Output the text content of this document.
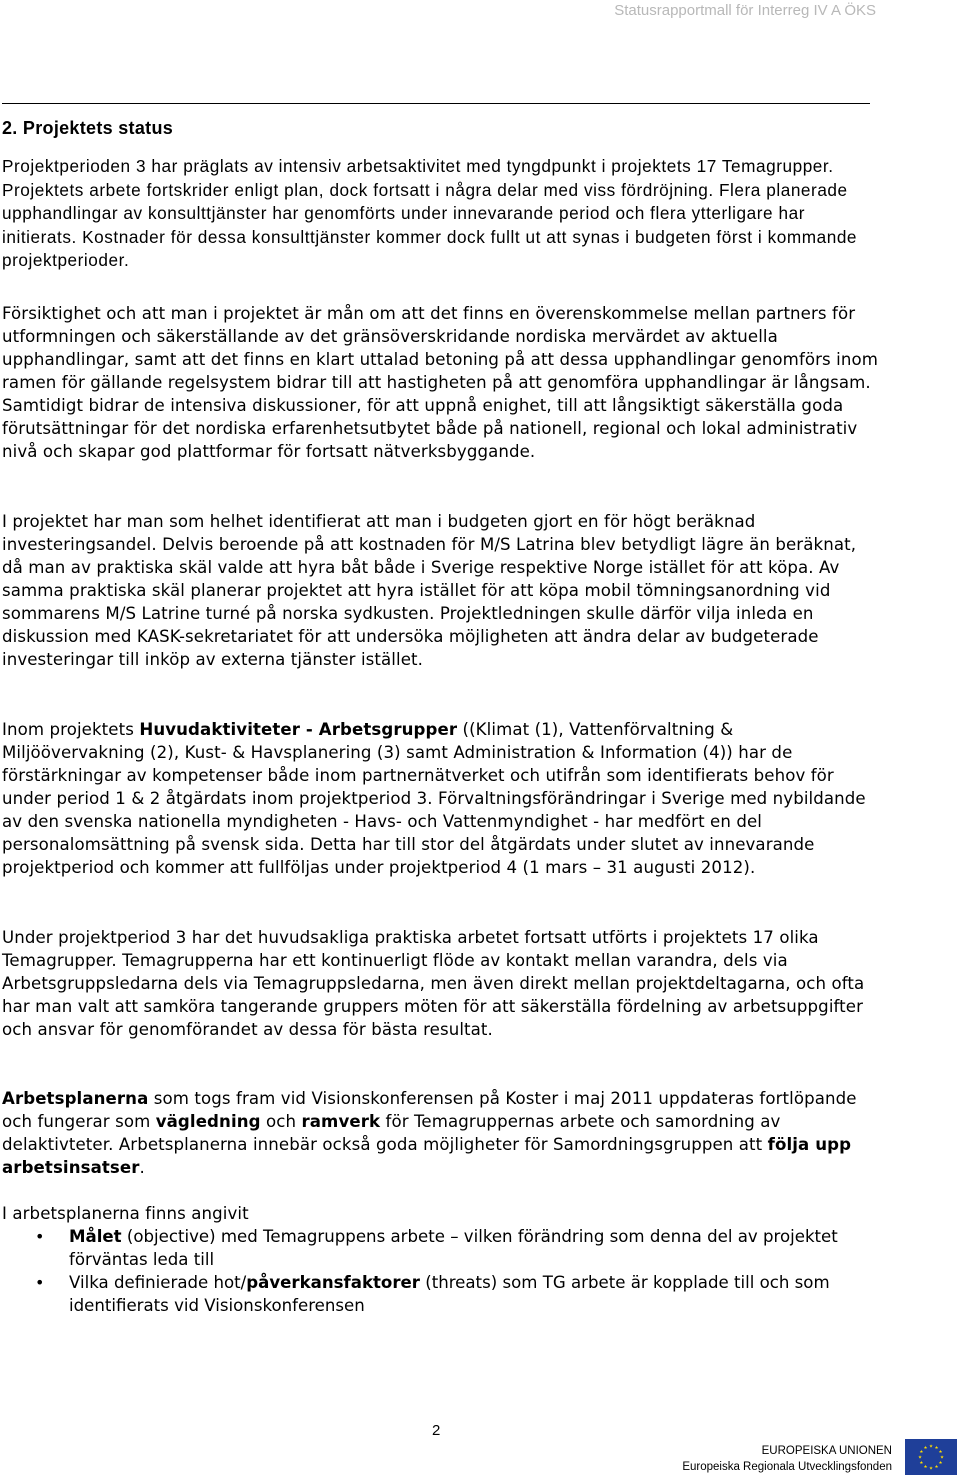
Statusrapportmall för Interreg IV A ÖKS
2. Projektets status

Projektperioden 3 har präglats av intensiv arbetsaktivitet med tyngdpunkt i projektets 17 Temagrupper. Projektets arbete fortskrider enligt plan, dock fortsatt i några delar med viss fördröjning. Flera planerade upphandlingar av konsulttjänster har genomförts under innevarande period och flera ytterligare har initierats. Kostnader för dessa konsulttjänster kommer dock fullt ut att synas i budgeten först i kommande projektperioder.

Försiktighet och att man i projektet är mån om att det finns en överenskommelse mellan partners för utformningen och säkerställande av det gränsöverskridande nordiska mervärdet av aktuella upphandlingar, samt att det finns en klart uttalad betoning på att dessa upphandlingar genomförs inom ramen för gällande regelsystem bidrar till att hastigheten på att genomföra upphandlingar är långsam. Samtidigt bidrar de intensiva diskussioner, för att uppnå enighet, till att långsiktigt säkerställa goda förutsättningar för det nordiska erfarenhetsutbytet både på nationell, regional och lokal administrativ nivå och skapar god plattformar för fortsatt nätverksbyggande.

I projektet har man som helhet identifierat att man i budgeten gjort en för högt beräknad investeringsandel. Delvis beroende på att kostnaden för M/S Latrina blev betydligt lägre än beräknat, då man av praktiska skäl valde att hyra båt både i Sverige respektive Norge istället för att köpa. Av samma praktiska skäl planerar projektet att hyra istället för att köpa mobil tömningsanordning vid sommarens M/S Latrine turné på norska sydkusten. Projektledningen skulle därför vilja inleda en diskussion med KASK-sekretariatet för att undersöka möjligheten att ändra delar av budgeterade investeringar till inköp av externa tjänster istället.

Inom projektets Huvudaktiviteter - Arbetsgrupper ((Klimat (1), Vattenförvaltning & Miljöövervakning (2), Kust- & Havsplanering (3) samt Administration & Information (4)) har de förstärkningar av kompetenser både inom partnernätverket och utifrån som identifierats behov för under period 1 & 2 åtgärdats inom projektperiod 3. Förvaltningsförändringar i Sverige med nybildande av den svenska nationella myndigheten - Havs- och Vattenmyndighet - har medfört en del personalomsättning på svensk sida. Detta har till stor del åtgärdats under slutet av innevarande projektperiod och kommer att fullföljas under projektperiod 4 (1 mars – 31 augusti 2012).

Under projektperiod 3 har det huvudsakliga praktiska arbetet fortsatt utförts i projektets 17 olika Temagrupper. Temagrupperna har ett kontinuerligt flöde av kontakt mellan varandra, dels via Arbetsgruppsledarna dels via Temagruppsledarna, men även direkt mellan projektdeltagarna, och ofta har man valt att samköra tangerande gruppers möten för att säkerställa fördelning av arbetsuppgifter och ansvar för genomförandet av dessa för bästa resultat.

Arbetsplanerna som togs fram vid Visionskonferensen på Koster i maj 2011 uppdateras fortlöpande och fungerar som vägledning och ramverk för Temagruppernas arbete och samordning av delaktivteter. Arbetsplanerna innebär också goda möjligheter för Samordningsgruppen att följa upp arbetsinsatser.

I arbetsplanerna finns angivit

• Målet (objective) med Temagruppens arbete – vilken förändring som denna del av projektet förväntas leda till
• Vilka definierade hot/påverkansfaktorer (threats) som TG arbete är kopplade till och som identifierats vid Visionskonferensen
2
EUROPEISKA UNIONEN
Europeiska Regionala Utvecklingsfonden
★ ★
★
★
★
★
★
★
★
★
★
★
